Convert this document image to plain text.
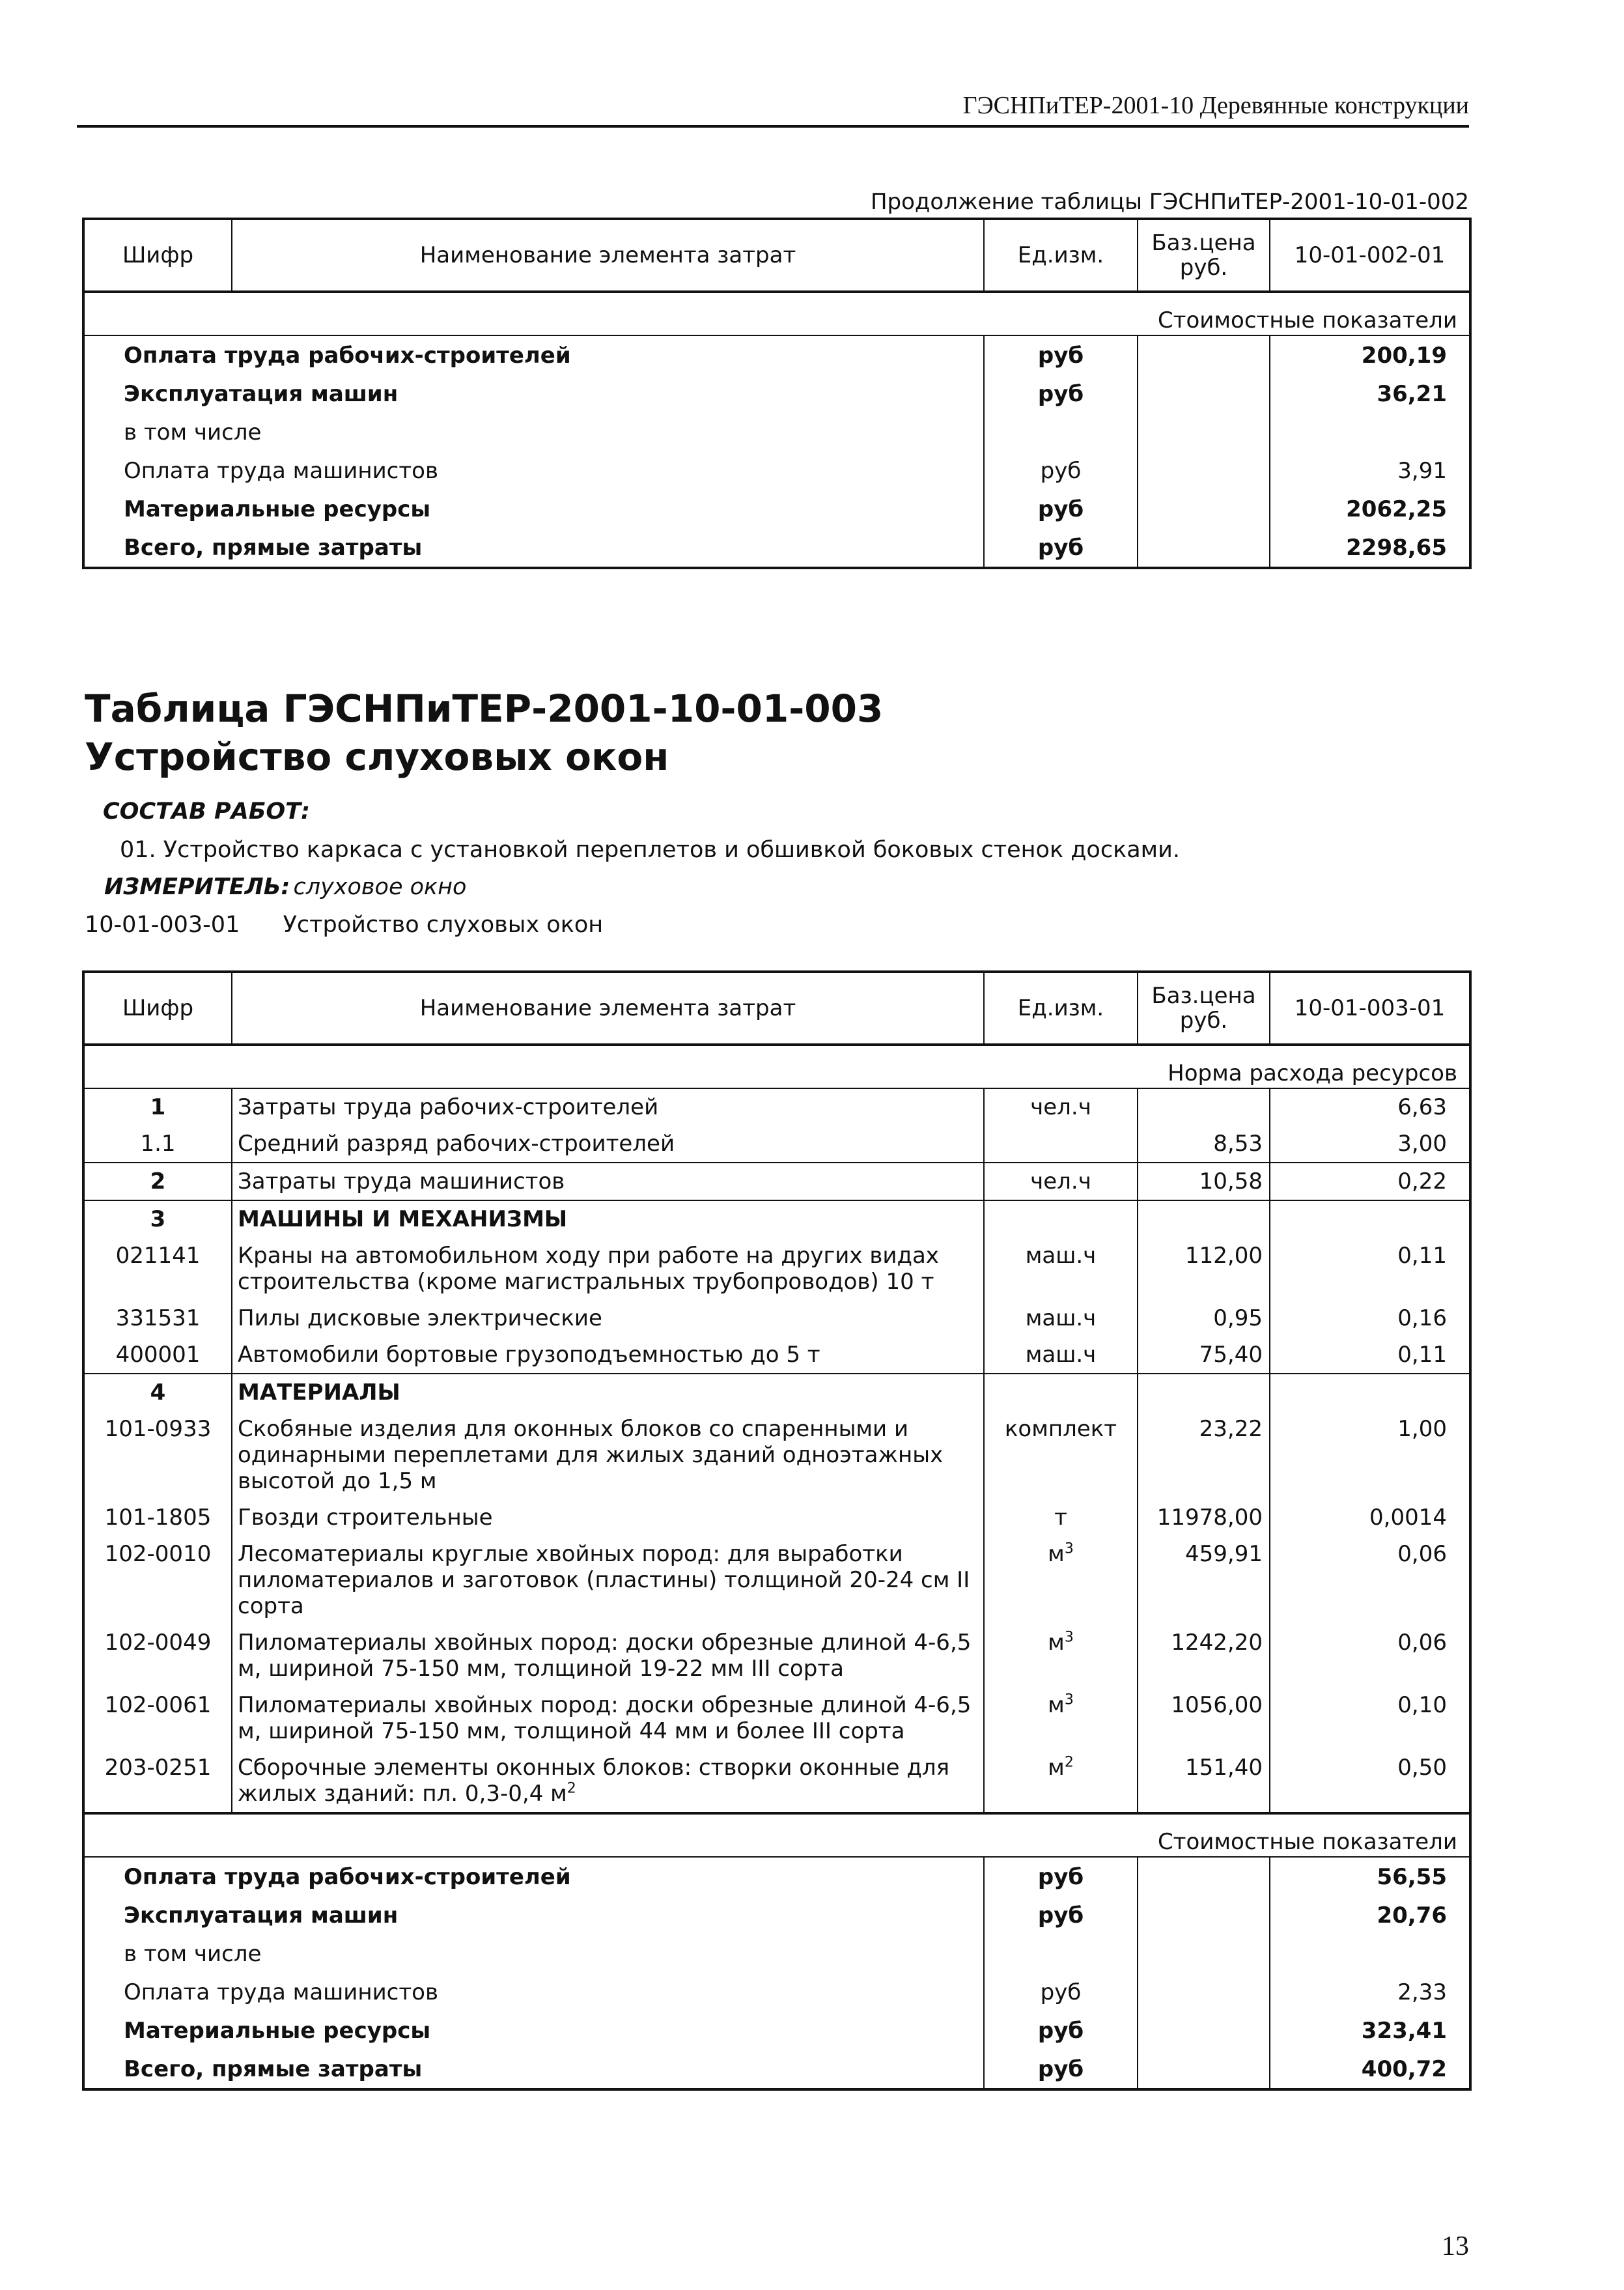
ГЭСНПиТЕР-2001-10 Деревянные конструкции
Продолжение таблицы ГЭСНПиТЕР-2001-10-01-002
Шифр	Наименование элемента затрат	Ед.изм.	Баз.цена руб.	10-01-002-01
Стоимостные показатели				
Оплата труда рабочих-строителей		руб		200,19
Эксплуатация машин		руб		36,21
в том числе				
Оплата труда машинистов		руб		3,91
Материальные ресурсы		руб		2062,25
Всего, прямые затраты		руб		2298,65
Таблица ГЭСНПиТЕР-2001-10-01-003
Устройство слуховых окон
СОСТАВ РАБОТ:
01. Устройство каркаса с установкой переплетов и обшивкой боковых стенок досками.
ИЗМЕРИТЕЛЬ: слуховое окно
10-01-003-01 Устройство слуховых окон
Шифр	Наименование элемента затрат	Ед.изм.	Баз.цена руб.	10-01-003-01
Норма расхода ресурсов				
1	Затраты труда рабочих-строителей	чел.ч		6,63
1.1	Средний разряд рабочих-строителей		8,53	3,00
2	Затраты труда машинистов	чел.ч	10,58	0,22
3	МАШИНЫ И МЕХАНИЗМЫ			
021141	Краны на автомобильном ходу при работе на других видах строительства (кроме магистральных трубопроводов) 10 т	маш.ч	112,00	0,11
331531	Пилы дисковые электрические	маш.ч	0,95	0,16
400001	Автомобили бортовые грузоподъемностью до 5 т	маш.ч	75,40	0,11
4	МАТЕРИАЛЫ			
101-0933	Скобяные изделия для оконных блоков со спаренными и одинарными переплетами для жилых зданий одноэтажных высотой до 1,5 м	комплект	23,22	1,00
101-1805	Гвозди строительные	т	11978,00	0,0014
102-0010	Лесоматериалы круглые хвойных пород: для выработки пиломатериалов и заготовок (пластины) толщиной 20-24 см II сорта	$м^3$	459,91	0,06
102-0049	Пиломатериалы хвойных пород: доски обрезные длиной 4-6,5 м, шириной 75-150 мм, толщиной 19-22 мм III сорта	$м^3$	1242,20	0,06
102-0061	Пиломатериалы хвойных пород: доски обрезные длиной 4-6,5 м, шириной 75-150 мм, толщиной 44 мм и более III сорта	$м^3$	1056,00	0,10
203-0251	Сборочные элементы оконных блоков: створки оконные для жилых зданий: пл. 0,3-0,4 $м^2$	$м^2$	151,40	0,50
Стоимостные показатели				
Оплата труда рабочих-строителей		руб		56,55
Эксплуатация машин		руб		20,76
в том числе				
Оплата труда машинистов		руб		2,33
Материальные ресурсы		руб		323,41
Всего, прямые затраты		руб		400,72
13
